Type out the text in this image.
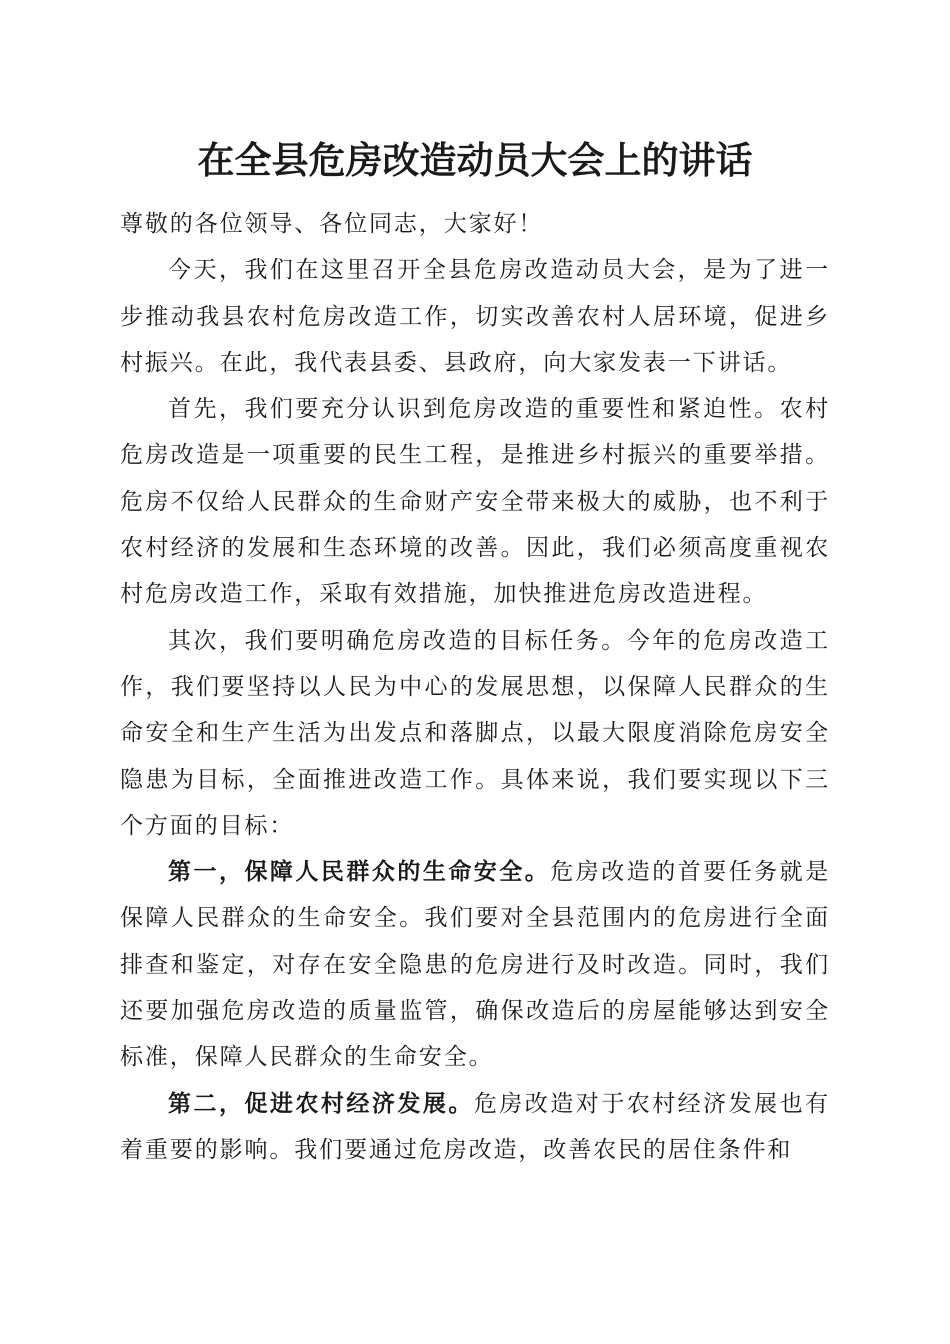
在全县危房改造动员大会上的讲话

尊敬的各位领导、各位同志，大家好！

今天，我们在这里召开全县危房改造动员大会，是为了进一步推动我县农村危房改造工作，切实改善农村人居环境，促进乡村振兴。在此，我代表县委、县政府，向大家发表一下讲话。

首先，我们要充分认识到危房改造的重要性和紧迫性。农村危房改造是一项重要的民生工程，是推进乡村振兴的重要举措。危房不仅给人民群众的生命财产安全带来极大的威胁，也不利于农村经济的发展和生态环境的改善。因此，我们必须高度重视农村危房改造工作，采取有效措施，加快推进危房改造进程。

其次，我们要明确危房改造的目标任务。今年的危房改造工作，我们要坚持以人民为中心的发展思想，以保障人民群众的生命安全和生产生活为出发点和落脚点，以最大限度消除危房安全隐患为目标，全面推进改造工作。具体来说，我们要实现以下三个方面的目标：

第一，保障人民群众的生命安全。危房改造的首要任务就是保障人民群众的生命安全。我们要对全县范围内的危房进行全面排查和鉴定，对存在安全隐患的危房进行及时改造。同时，我们还要加强危房改造的质量监管，确保改造后的房屋能够达到安全标准，保障人民群众的生命安全。

第二，促进农村经济发展。危房改造对于农村经济发展也有着重要的影响。我们要通过危房改造，改善农民的居住条件和
